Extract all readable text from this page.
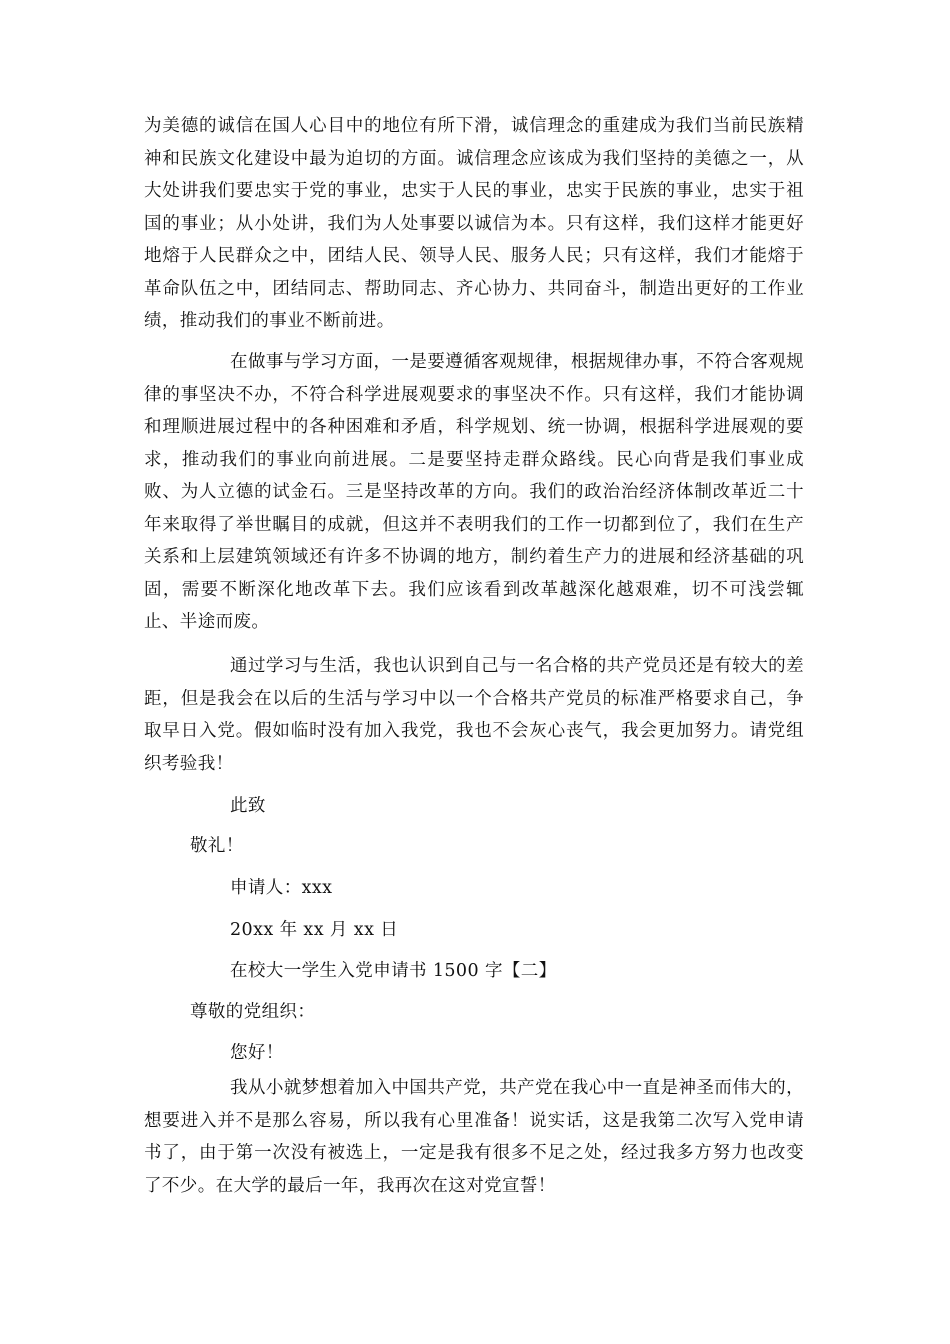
为美德的诚信在国人心目中的地位有所下滑，诚信理念的重建成为我们当前民族精神和民族文化建设中最为迫切的方面。诚信理念应该成为我们坚持的美德之一，从大处讲我们要忠实于党的事业，忠实于人民的事业，忠实于民族的事业，忠实于祖国的事业；从小处讲，我们为人处事要以诚信为本。只有这样，我们这样才能更好地熔于人民群众之中，团结人民、领导人民、服务人民；只有这样，我们才能熔于革命队伍之中，团结同志、帮助同志、齐心协力、共同奋斗，制造出更好的工作业绩，推动我们的事业不断前进。

在做事与学习方面，一是要遵循客观规律，根据规律办事，不符合客观规律的事坚决不办，不符合科学进展观要求的事坚决不作。只有这样，我们才能协调和理顺进展过程中的各种困难和矛盾，科学规划、统一协调，根据科学进展观的要求，推动我们的事业向前进展。二是要坚持走群众路线。民心向背是我们事业成败、为人立德的试金石。三是坚持改革的方向。我们的政治治经济体制改革近二十年来取得了举世瞩目的成就，但这并不表明我们的工作一切都到位了，我们在生产关系和上层建筑领域还有许多不协调的地方，制约着生产力的进展和经济基础的巩固，需要不断深化地改革下去。我们应该看到改革越深化越艰难，切不可浅尝辄止、半途而废。

通过学习与生活，我也认识到自己与一名合格的共产党员还是有较大的差距，但是我会在以后的生活与学习中以一个合格共产党员的标准严格要求自己，争取早日入党。假如临时没有加入我党，我也不会灰心丧气，我会更加努力。请党组织考验我！

此致

敬礼！

申请人：xxx

20xx 年 xx 月 xx 日

在校大一学生入党申请书 1500 字【二】

尊敬的党组织：

您好！

我从小就梦想着加入中国共产党，共产党在我心中一直是神圣而伟大的，想要进入并不是那么容易，所以我有心里准备！说实话，这是我第二次写入党申请书了，由于第一次没有被选上，一定是我有很多不足之处，经过我多方努力也改变了不少。在大学的最后一年，我再次在这对党宣誓！
